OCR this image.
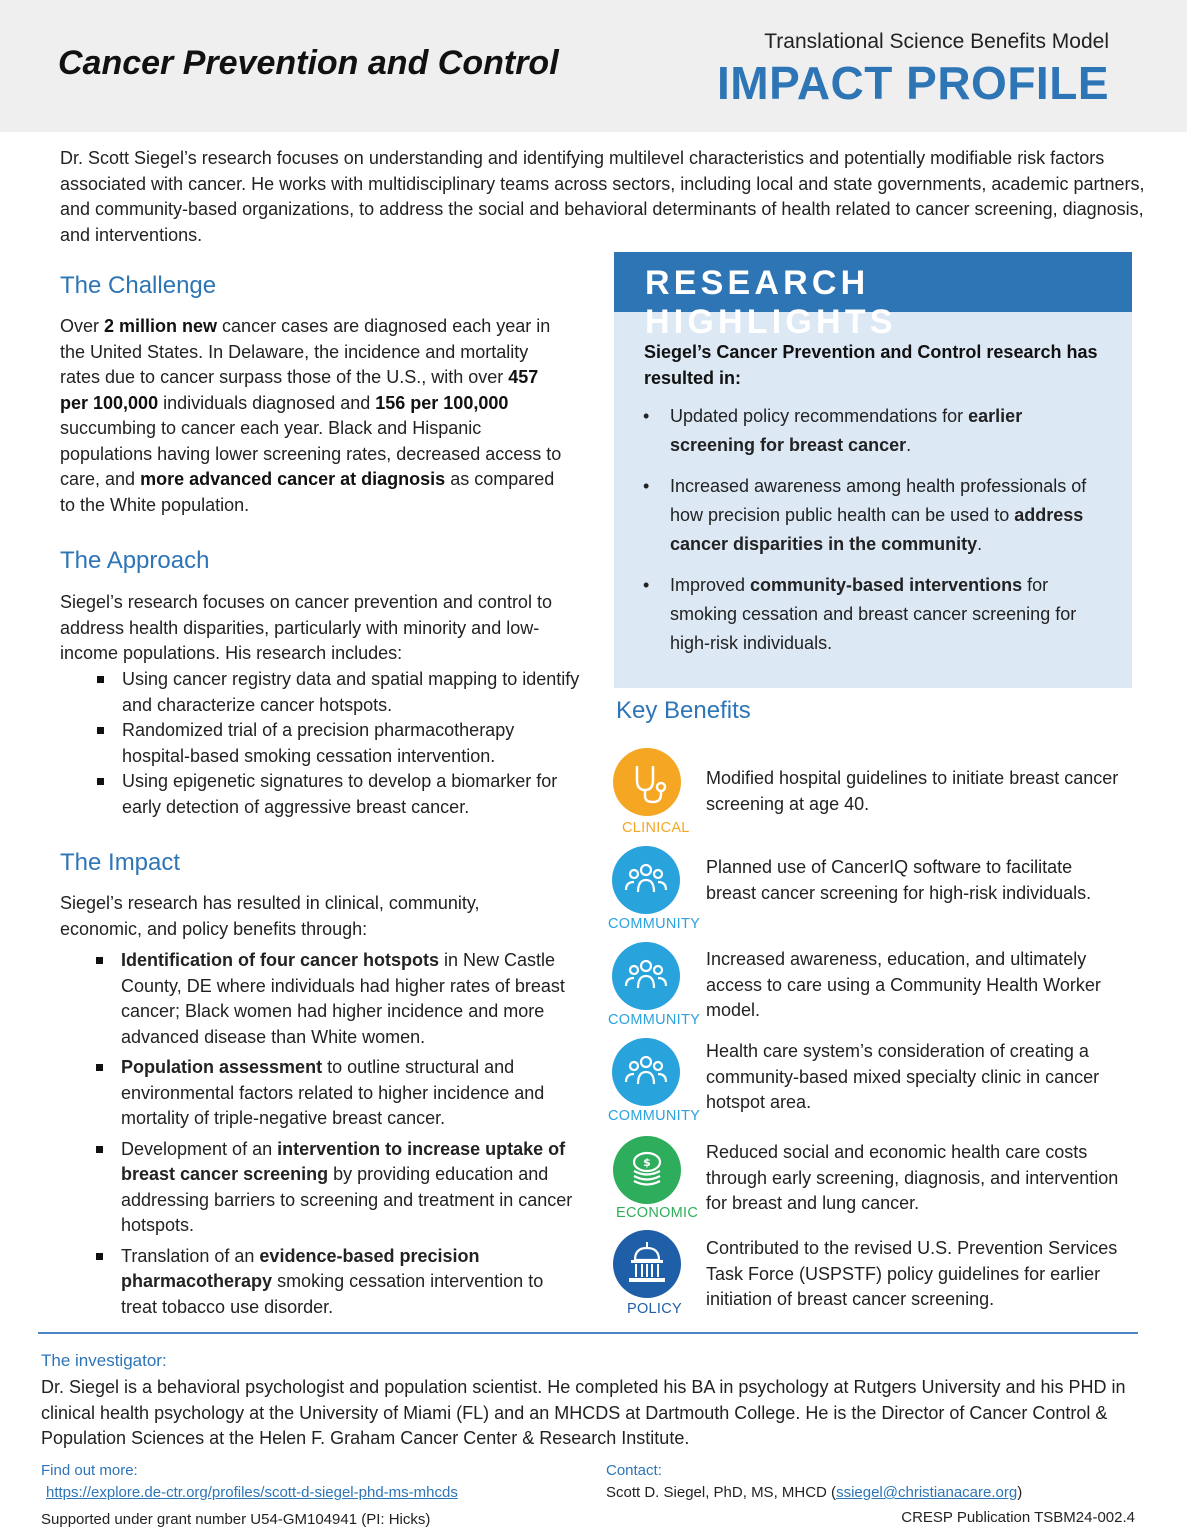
Cancer Prevention and Control
Translational Science Benefits Model
IMPACT PROFILE
Dr. Scott Siegel’s research focuses on understanding and identifying multilevel characteristics and potentially modifiable risk factors associated with cancer. He works with multidisciplinary teams across sectors, including local and state governments, academic partners, and community-based organizations, to address the social and behavioral determinants of health related to cancer screening, diagnosis, and interventions.
The Challenge
Over 2 million new cancer cases are diagnosed each year in the United States. In Delaware, the incidence and mortality rates due to cancer surpass those of the U.S., with over 457 per 100,000 individuals diagnosed and 156 per 100,000 succumbing to cancer each year. Black and Hispanic populations having lower screening rates, decreased access to care, and more advanced cancer at diagnosis as compared to the White population.
The Approach
Siegel’s research focuses on cancer prevention and control to address health disparities, particularly with minority and low-income populations. His research includes:
Using cancer registry data and spatial mapping to identify and characterize cancer hotspots.
Randomized trial of a precision pharmacotherapy hospital-based smoking cessation intervention.
Using epigenetic signatures to develop a biomarker for early detection of aggressive breast cancer.
The Impact
Siegel’s research has resulted in clinical, community, economic, and policy benefits through:
Identification of four cancer hotspots in New Castle County, DE where individuals had higher rates of breast cancer; Black women had higher incidence and more advanced disease than White women.
Population assessment to outline structural and environmental factors related to higher incidence and mortality of triple-negative breast cancer.
Development of an intervention to increase uptake of breast cancer screening by providing education and addressing barriers to screening and treatment in cancer hotspots.
Translation of an evidence-based precision pharmacotherapy smoking cessation intervention to treat tobacco use disorder.
RESEARCH HIGHLIGHTS
Siegel’s Cancer Prevention and Control research has resulted in:
• Updated policy recommendations for earlier screening for breast cancer.
• Increased awareness among health professionals of how precision public health can be used to address cancer disparities in the community.
• Improved community-based interventions for smoking cessation and breast cancer screening for high-risk individuals.
Key Benefits
CLINICAL
Modified hospital guidelines to initiate breast cancer screening at age 40.
COMMUNITY
Planned use of CancerIQ software to facilitate breast cancer screening for high-risk individuals.
COMMUNITY
Increased awareness, education, and ultimately access to care using a Community Health Worker model.
COMMUNITY
Health care system’s consideration of creating a community-based mixed specialty clinic in cancer hotspot area.
$
ECONOMIC
Reduced social and economic health care costs through early screening, diagnosis, and intervention for breast and lung cancer.
POLICY
Contributed to the revised U.S. Prevention Services Task Force (USPSTF) policy guidelines for earlier initiation of breast cancer screening.
The investigator:
Dr. Siegel is a behavioral psychologist and population scientist. He completed his BA in psychology at Rutgers University and his PHD in clinical health psychology at the University of Miami (FL) and an MHCDS at Dartmouth College. He is the Director of Cancer Control & Population Sciences at the Helen F. Graham Cancer Center & Research Institute.
Find out more:
https://explore.de-ctr.org/profiles/scott-d-siegel-phd-ms-mhcds
Contact:
Scott D. Siegel, PhD, MS, MHCD (ssiegel@christianacare.org)
Supported under grant number U54-GM104941 (PI: Hicks)	CRESP Publication TSBM24-002.4
